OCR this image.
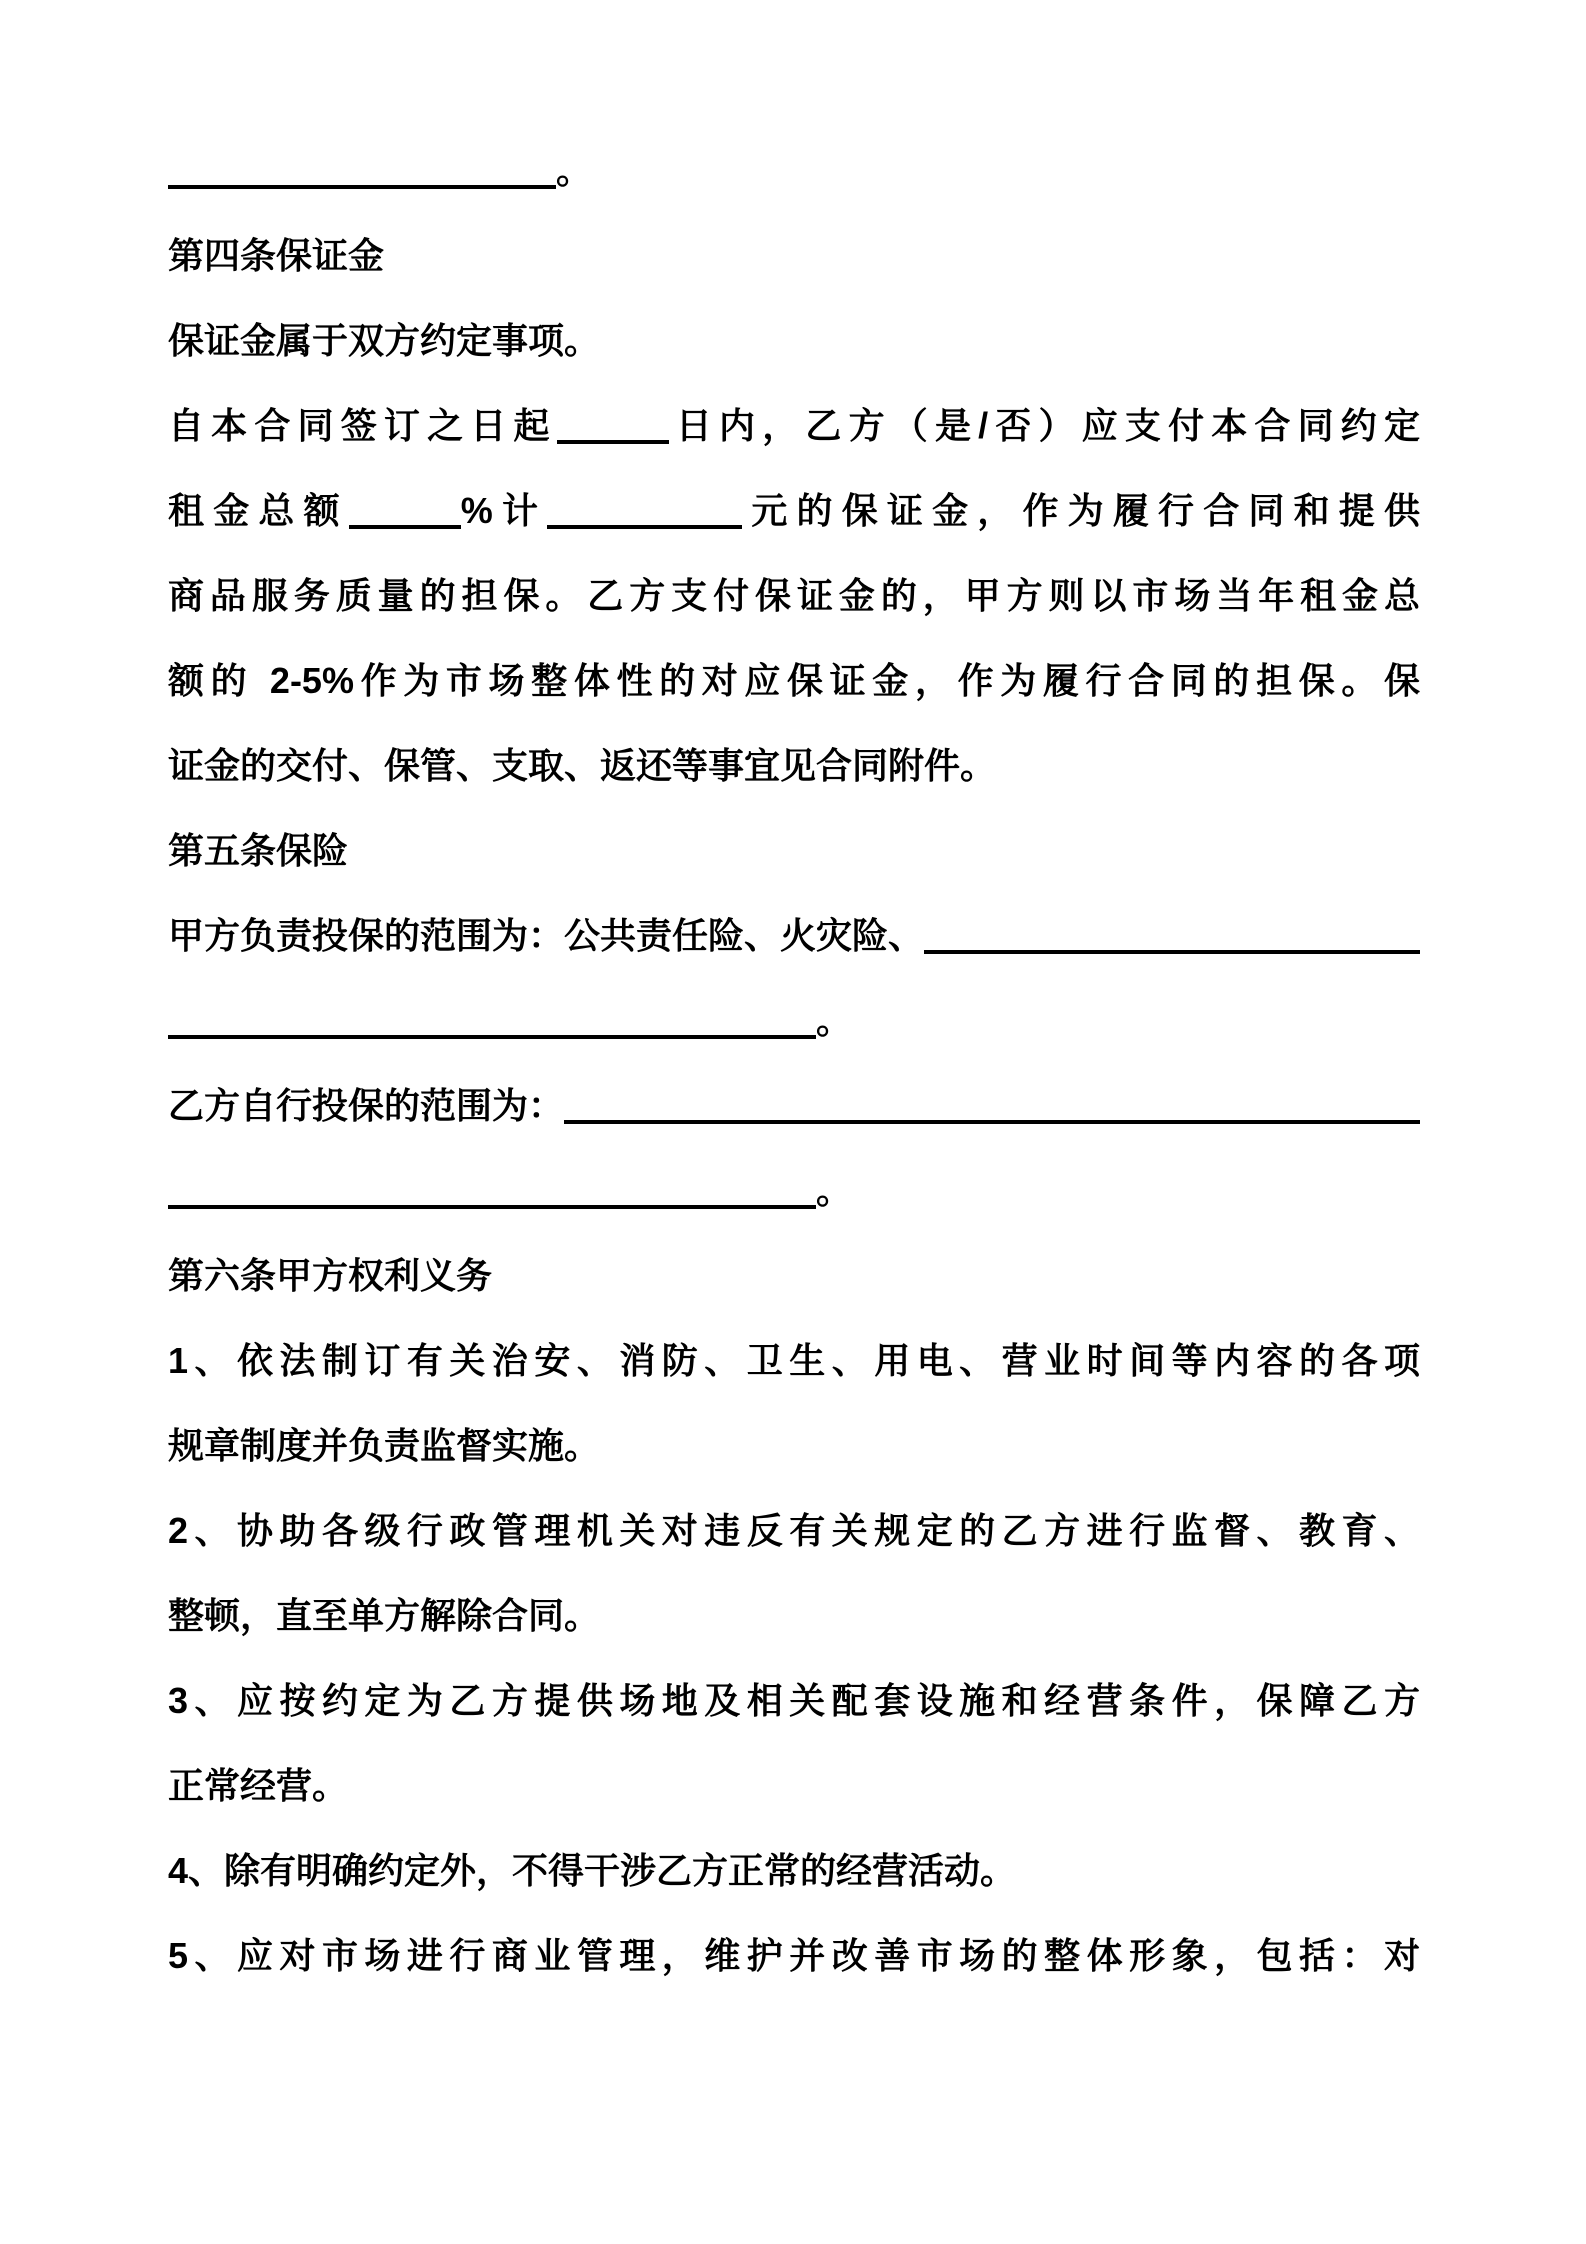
。
第四条保证金
保证金属于双方约定事项。
自本合同签订之日起	日内，乙方（是/否）应支付本合同约定
租金总额	%计	元的保证金，作为履行合同和提供
商品服务质量的担保。乙方支付保证金的，甲方则以市场当年租金总
额的 2-5%作为市场整体性的对应保证金，作为履行合同的担保。保
证金的交付、保管、支取、返还等事宜见合同附件。
第五条保险
甲方负责投保的范围为：公共责任险、火灾险、
。
乙方自行投保的范围为：
。
第六条甲方权利义务
1、依法制订有关治安、消防、卫生、用电、营业时间等内容的各项
规章制度并负责监督实施。
2、协助各级行政管理机关对违反有关规定的乙方进行监督、教育、
整顿，直至单方解除合同。
3、应按约定为乙方提供场地及相关配套设施和经营条件，保障乙方
正常经营。
4、除有明确约定外，不得干涉乙方正常的经营活动。
5、应对市场进行商业管理，维护并改善市场的整体形象，包括：对
